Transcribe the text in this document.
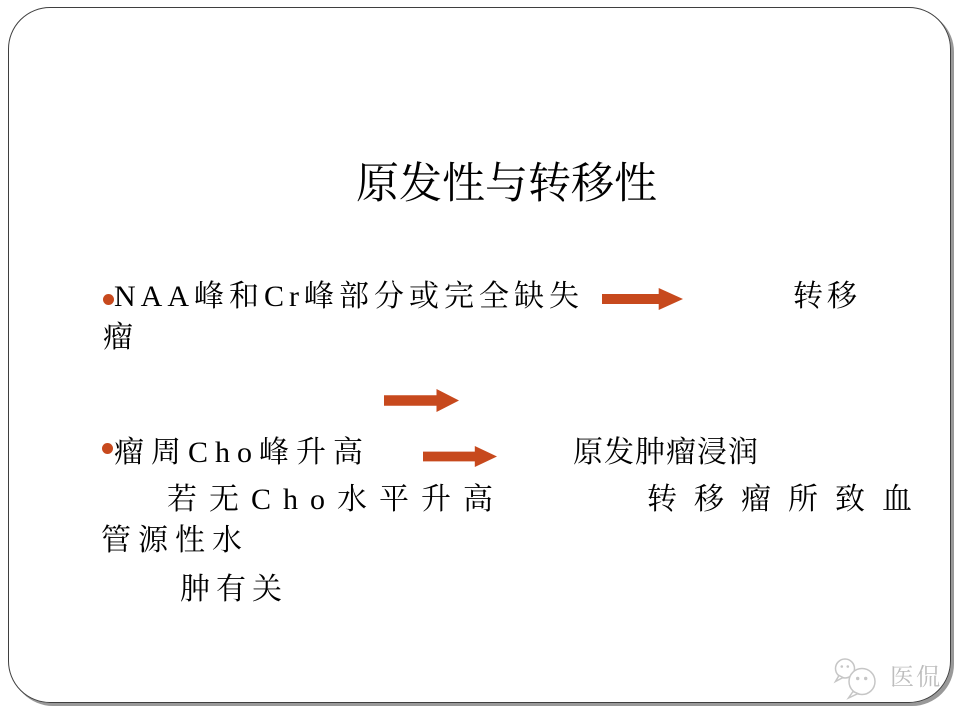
原发性与转移性
NAA峰和Cr峰部分或完全缺失	转移
瘤
瘤周Cho峰升高	原发肿瘤浸润
若无Cho水平升高	转移瘤所致血
管源性水
肿有关
医侃
